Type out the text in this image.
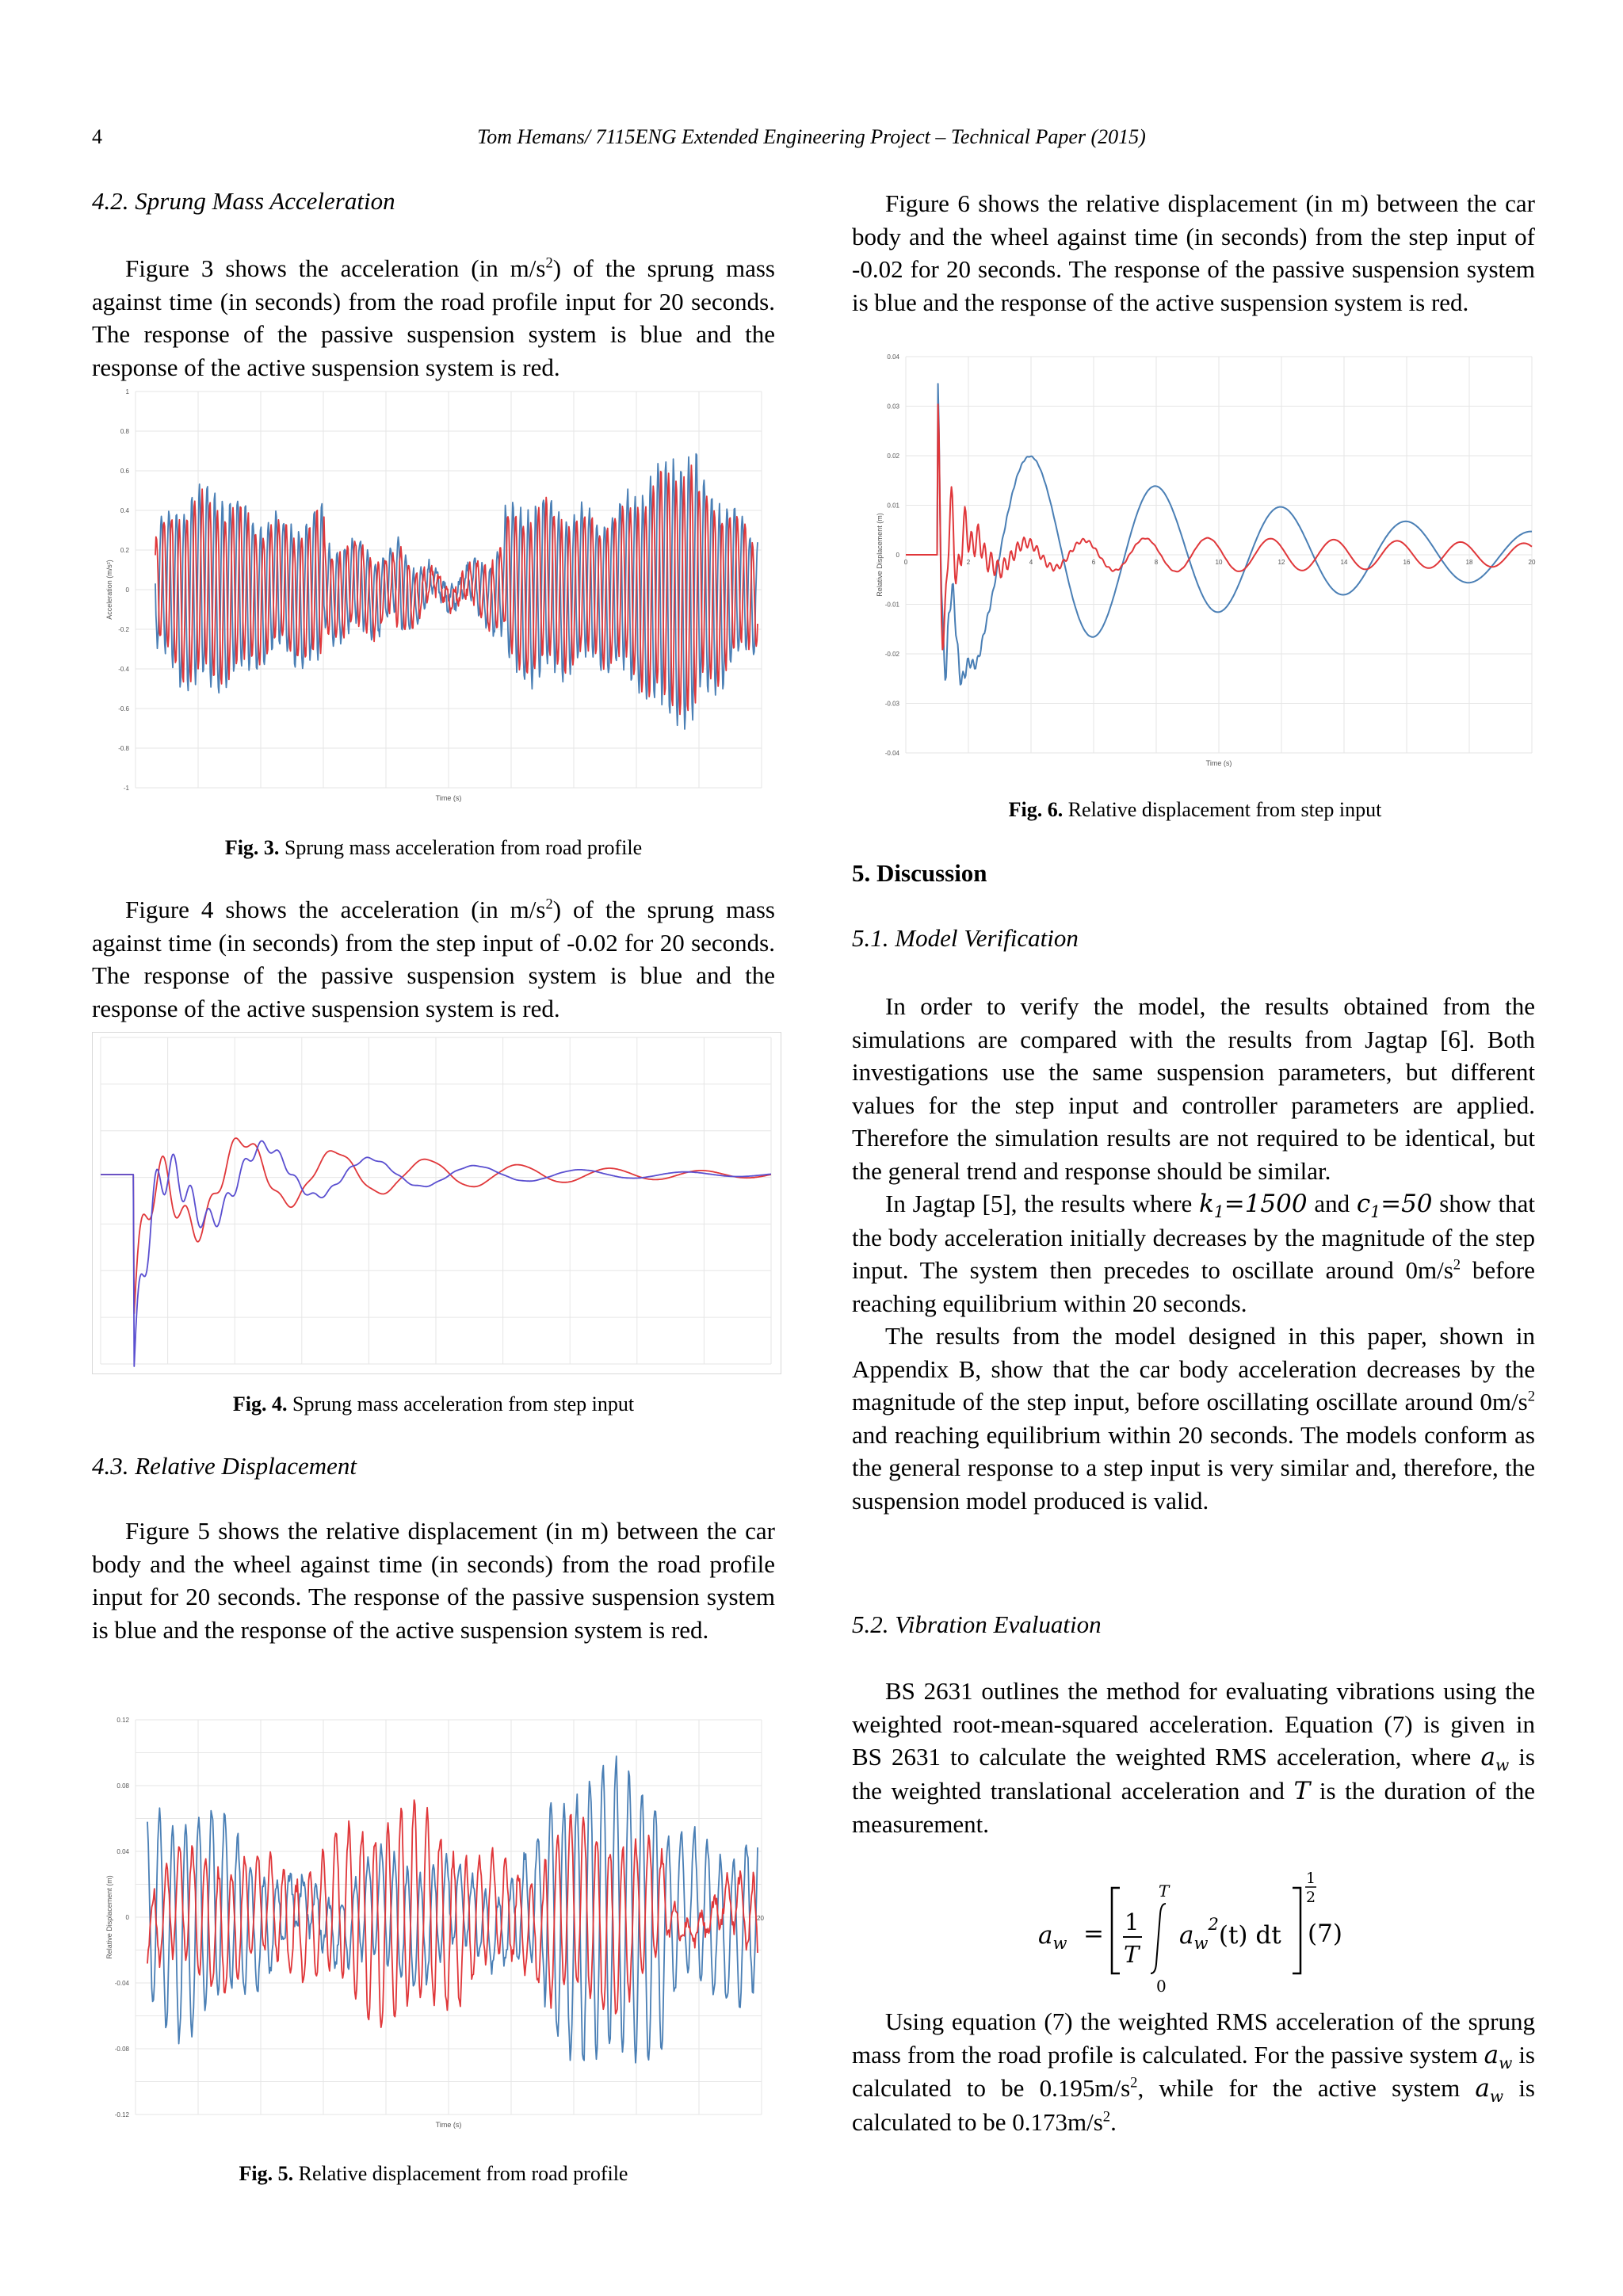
4	Tom Hemans/ 7115ENG Extended Engineering Project – Technical Paper (2015)
4.2. Sprung Mass Acceleration

Figure 3 shows the acceleration (in $m/s^2$) of the sprung mass against time (in seconds) from the road profile input for 20 seconds. The response of the passive suspension system is blue and the response of the active suspension system is red.

1
0.8
0.6
0.4
0.2
0
-0.2
-0.4
-0.6
-0.8
-1
Time (s)
Acceleration (m/s²)
Fig. 3. Sprung mass acceleration from road profile

Figure 4 shows the acceleration (in $m/s^2$) of the sprung mass against time (in seconds) from the step input of -0.02 for 20 seconds. The response of the passive suspension system is blue and the response of the active suspension system is red.

Fig. 4. Sprung mass acceleration from step input
4.3. Relative Displacement

Figure 5 shows the relative displacement (in m) between the car body and the wheel against time (in seconds) from the road profile input for 20 seconds. The response of the passive suspension system is blue and the response of the active suspension system is red.

0.12
0.08
0.04
0
-0.04
-0.08
-0.12
Time (s)
Relative Displacement (m)	20
Fig. 5. Relative displacement from road profile

Figure 6 shows the relative displacement (in m) between the car body and the wheel against time (in seconds) from the step input of -0.02 for 20 seconds. The response of the passive suspension system is blue and the response of the active suspension system is red.

0.04
0.03
0.02
0.01
0
-0.01
-0.02
-0.03
-0.04
Time (s)
Relative Displacement (m)	0	2	4	6	8	10	12	14	16	18	20
Fig. 6. Relative displacement from step input
5. Discussion
5.1. Model Verification

In order to verify the model, the results obtained from the simulations are compared with the results from Jagtap [6]. Both investigations use the same suspension parameters, but different values for the step input and controller parameters are applied. Therefore the simulation results are not required to be identical, but the general trend and response should be similar.

In Jagtap [5], the results where $k_1=1500$ and $c_1=50$ show that the body acceleration initially decreases by the magnitude of the step input. The system then precedes to oscillate around $0m/s^2$ before reaching equilibrium within 20 seconds.

The results from the model designed in this paper, shown in Appendix B, show that the car body acceleration decreases by the magnitude of the step input, before oscillating oscillate around $0m/s^2$ and reaching equilibrium within 20 seconds. The models conform as the general response to a step input is very similar and, therefore, the suspension model produced is valid.

5.2. Vibration Evaluation

BS 2631 outlines the method for evaluating vibrations using the weighted root-mean-squared acceleration. Equation (7) is given in BS 2631 to calculate the weighted RMS acceleration, where $a_w$ is the weighted translational acceleration and T is the duration of the measurement.

$a_w = 1$
T
T
0
$a_w^2(t)$ dt
1
2
(7)

Using equation (7) the weighted RMS acceleration of the sprung mass from the road profile is calculated. For the passive system $a_w$ is calculated to be $0.195m/s^2$, while for the active system $a_w$ is calculated to be $0.173m/s^2$.
